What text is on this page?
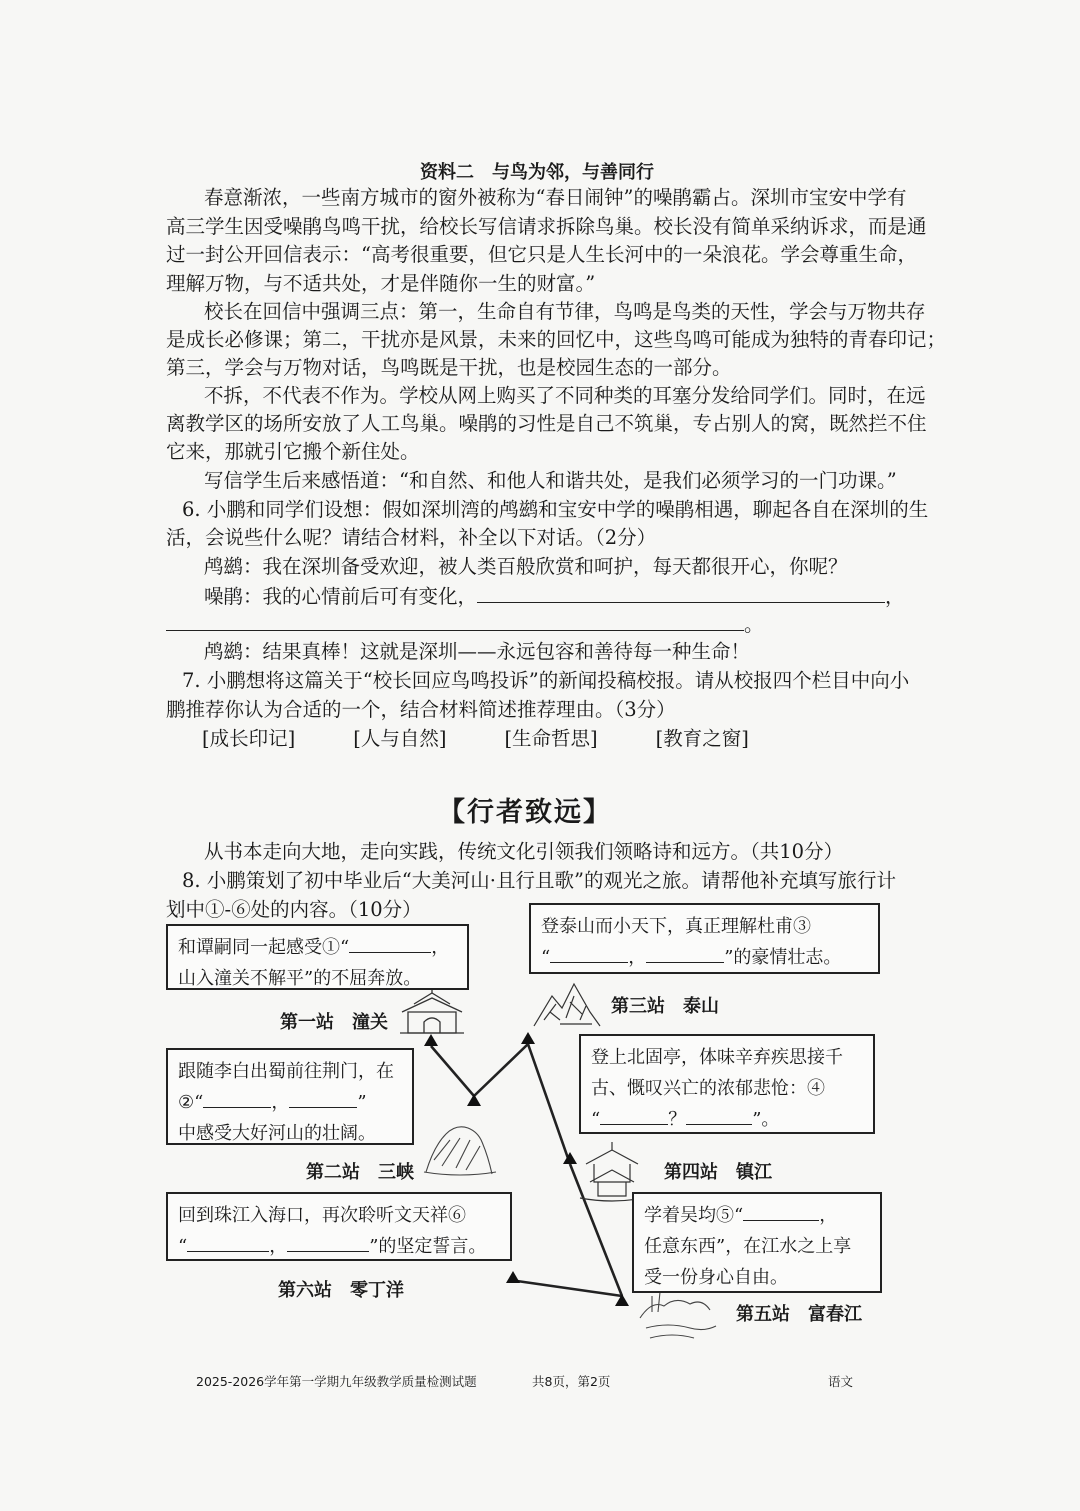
资料二　与鸟为邻，与善同行
春意渐浓，一些南方城市的窗外被称为“春日闹钟”的噪鹃霸占。深圳市宝安中学有
高三学生因受噪鹃鸟鸣干扰，给校长写信请求拆除鸟巢。校长没有简单采纳诉求，而是通
过一封公开回信表示：“高考很重要，但它只是人生长河中的一朵浪花。学会尊重生命，
理解万物，与不适共处，才是伴随你一生的财富。”
校长在回信中强调三点：第一，生命自有节律，鸟鸣是鸟类的天性，学会与万物共存
是成长必修课；第二，干扰亦是风景，未来的回忆中，这些鸟鸣可能成为独特的青春印记；
第三，学会与万物对话，鸟鸣既是干扰，也是校园生态的一部分。
不拆，不代表不作为。学校从网上购买了不同种类的耳塞分发给同学们。同时，在远
离教学区的场所安放了人工鸟巢。噪鹃的习性是自己不筑巢，专占别人的窝，既然拦不住
它来，那就引它搬个新住处。
写信学生后来感悟道：“和自然、和他人和谐共处，是我们必须学习的一门功课。”
6. 小鹏和同学们设想：假如深圳湾的鸬鹚和宝安中学的噪鹃相遇，聊起各自在深圳的生
活，会说些什么呢？请结合材料，补全以下对话。（2分）
鸬鹚：我在深圳备受欢迎，被人类百般欣赏和呵护，每天都很开心，你呢？
噪鹃：我的心情前后可有变化，	，
。
鸬鹚：结果真棒！这就是深圳——永远包容和善待每一种生命！
7. 小鹏想将这篇关于“校长回应鸟鸣投诉”的新闻投稿校报。请从校报四个栏目中向小
鹏推荐你认为合适的一个，结合材料简述推荐理由。（3分）
[成长印记]	[人与自然]	[生命哲思]	[教育之窗]
【行者致远】
从书本走向大地，走向实践，传统文化引领我们领略诗和远方。（共10分）
8. 小鹏策划了初中毕业后“大美河山·且行且歌”的观光之旅。请帮他补充填写旅行计
划中①-⑥处的内容。（10分）
和谭嗣同一起感受①“	，
山入潼关不解平”的不屈奔放。
第一站　潼关
登泰山而小天下，真正理解杜甫③
“	，	”的豪情壮志。
第三站　泰山
跟随李白出蜀前往荆门，在
②“	，	”
中感受大好河山的壮阔。
第二站　三峡
登上北固亭，体味辛弃疾思接千
古、慨叹兴亡的浓郁悲怆：④
“	？	”。
第四站　镇江
回到珠江入海口，再次聆听文天祥⑥
“	，	”的坚定誓言。
第六站　零丁洋
学着吴均⑤“	，
任意东西”，在江水之上享
受一份身心自由。
第五站　富春江
2025-2026学年第一学期九年级教学质量检测试题	共8页，第2页	语文
